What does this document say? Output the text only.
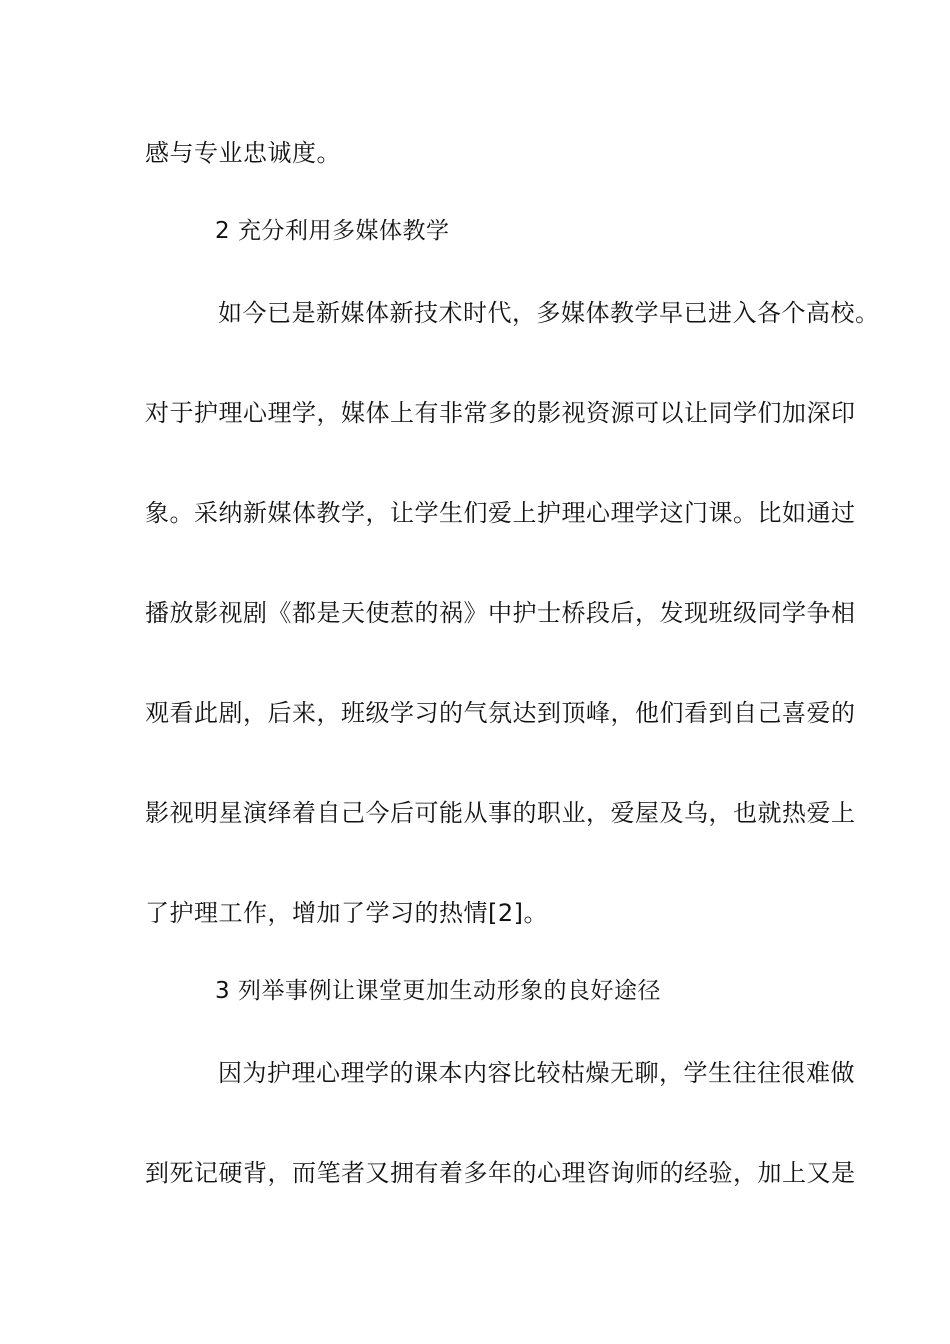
感与专业忠诚度。
2 充分利用多媒体教学
如今已是新媒体新技术时代，多媒体教学早已进入各个高校。
对于护理心理学，媒体上有非常多的影视资源可以让同学们加深印
象。采纳新媒体教学，让学生们爱上护理心理学这门课。比如通过
播放影视剧《都是天使惹的祸》中护士桥段后，发现班级同学争相
观看此剧，后来，班级学习的气氛达到顶峰，他们看到自己喜爱的
影视明星演绎着自己今后可能从事的职业，爱屋及乌，也就热爱上
了护理工作，增加了学习的热情[2]。
3 列举事例让课堂更加生动形象的良好途径
因为护理心理学的课本内容比较枯燥无聊，学生往往很难做
到死记硬背，而笔者又拥有着多年的心理咨询师的经验，加上又是
